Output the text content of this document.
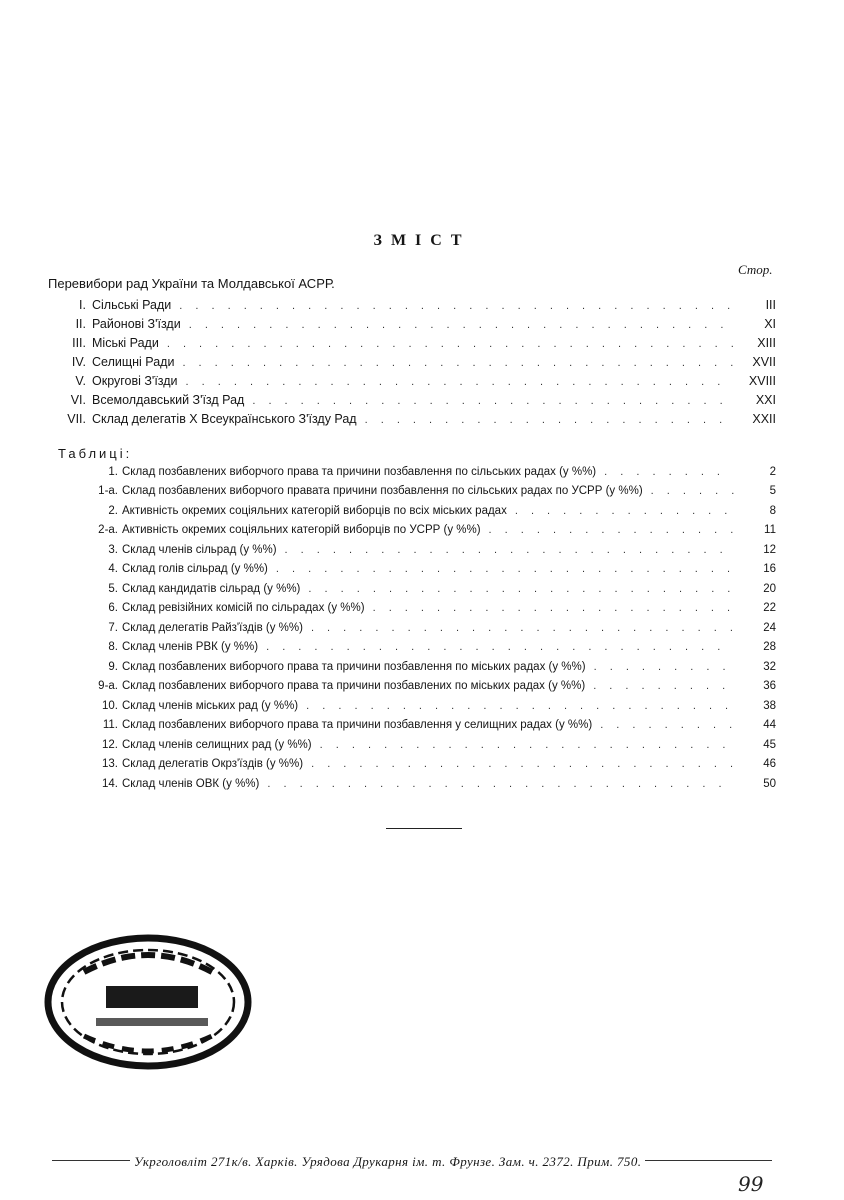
ЗМІСТ
Стор.
Перевибори рад України та Молдавської АСРР.
I. Сільські Ради . . .	III
II. Районові З'їзди . . .	XI
III. Міські Ради . . .	XIII
IV. Селищні Ради . . .	XVII
V. Округові З'їзди . . .	XVIII
VI. Всемолдавський З'їзд Рад . . .	XXI
VII. Склад делегатів X Всеукраїнського З'їзду Рад . . .	XXII
Таблиці:
1. Склад позбавлених виборчого права та причини позбавлення по сільських радах (у %%) . . .	2
1-а. Склад позбавлених виборчого правата причини позбавлення по сільських радах по УСРР (у %%) . . .	5
2. Активність окремих соціяльних категорій виборців по всіх міських радах . . .	8
2-а. Активність окремих соціяльних категорій виборців по УСРР (у %%) . . .	11
3. Склад членів сільрад (у %%) . . .	12
4. Склад голів сільрад (у %%) . . .	16
5. Склад кандидатів сільрад (у %%) . . .	20
6. Склад ревізійних комісій по сільрадах (у %%) . . .	22
7. Склад делегатів Райз'їздів (у %%) . . .	24
8. Склад членів РВК (у %%) . . .	28
9. Склад позбавлених виборчого права та причини позбавлення по міських радах (у %%) . . .	32
9-а. Склад позбавлених виборчого права та причини позбавлених по міських радах (у %%) . . .	36
10. Склад членів міських рад (у %%) . . .	38
11. Склад позбавлених виборчого права та причини позбавлення у селищних радах (у %%) . . .	44
12. Склад членів селищних рад (у %%) . . .	45
13. Склад делегатів Окрз'їздів (у %%) . . .	46
14. Склад членів ОВК (у %%) . . .	50
Укрголовліт 271к/в. Харків. Урядова Друкарня ім. т. Фрунзе. Зам. ч. 2372. Прим. 750.
99
